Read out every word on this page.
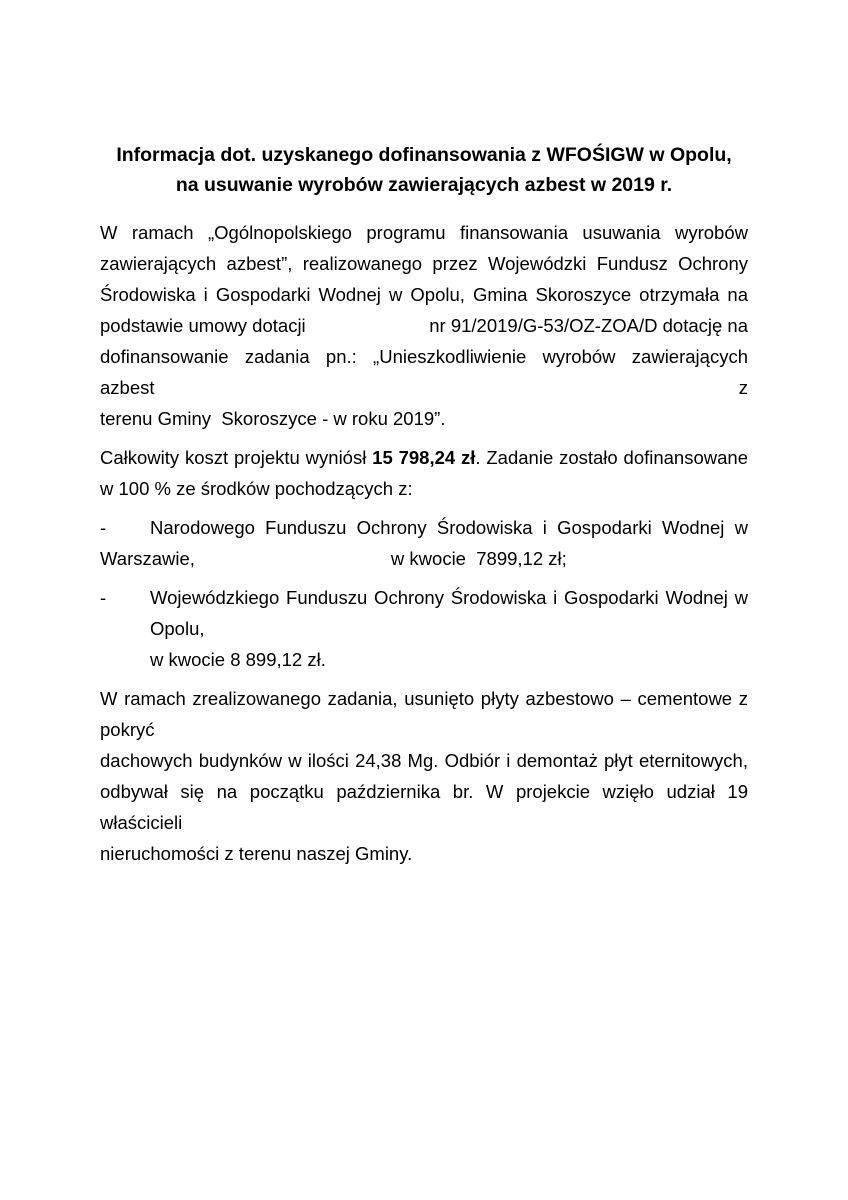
Informacja dot. uzyskanego dofinansowania z WFOŚIGW w Opolu,
na usuwanie wyrobów zawierających azbest w 2019 r.
W ramach „Ogólnopolskiego programu finansowania usuwania wyrobów
zawierających azbest”, realizowanego przez Wojewódzki Fundusz Ochrony
Środowiska i Gospodarki Wodnej w Opolu, Gmina Skoroszyce otrzymała na
podstawie umowy dotacji	nr 91/2019/G-53/OZ-ZOA/D dotację na
dofinansowanie zadania pn.: „Unieszkodliwienie wyrobów zawierających azbest z
terenu Gminy  Skoroszyce - w roku 2019”.
Całkowity koszt projektu wyniósł 15 798,24 zł. Zadanie zostało dofinansowane
w 100 % ze środków pochodzących z:
- Narodowego Funduszu Ochrony Środowiska i Gospodarki Wodnej w
Warszawie,	w kwocie  7899,12 zł;
- Wojewódzkiego Funduszu Ochrony Środowiska i Gospodarki Wodnej w Opolu,
w kwocie 8 899,12 zł.
W ramach zrealizowanego zadania, usunięto płyty azbestowo – cementowe z pokryć
dachowych budynków w ilości 24,38 Mg. Odbiór i demontaż płyt eternitowych,
odbywał się na początku października br. W projekcie wzięło udział 19 właścicieli
nieruchomości z terenu naszej Gminy.
